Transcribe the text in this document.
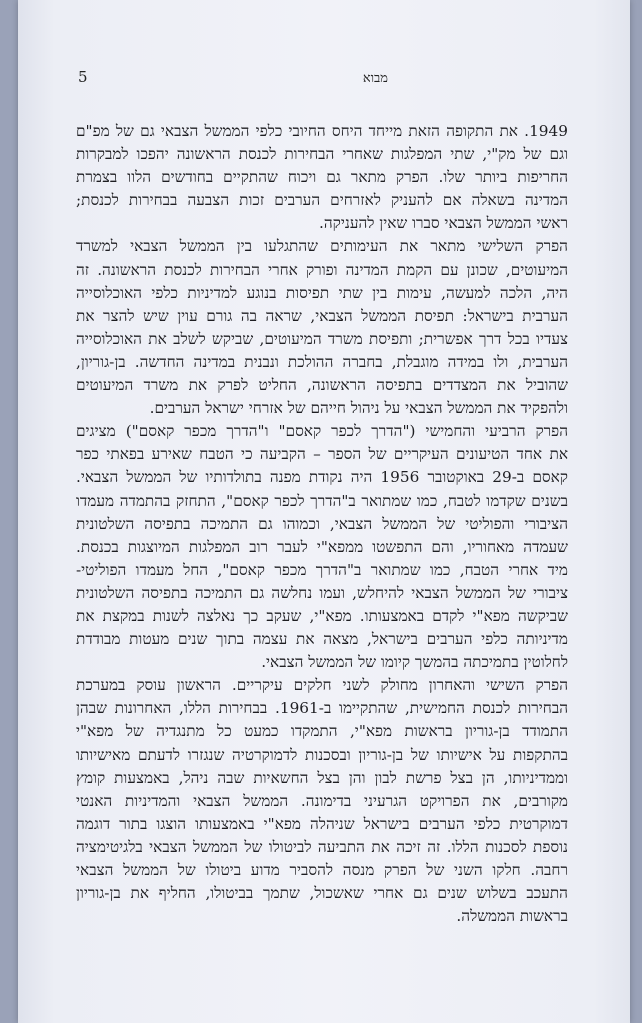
5	מבוא

1949. את התקופה הזאת מייחד היחס החיובי כלפי הממשל הצבאי גם של מפ"ם
וגם של מק"י, שתי המפלגות שאחרי הבחירות לכנסת הראשונה יהפכו למבקרות
החריפות ביותר שלו. הפרק מתאר גם ויכוח שהתקיים בחודשים הלוו בצמרת
המדינה בשאלה אם להעניק לאזרחים הערבים זכות הצבעה בבחירות לכנסת;
ראשי הממשל הצבאי סברו שאין להעניקה.

הפרק השלישי מתאר את העימותים שהתגלעו בין הממשל הצבאי למשרד
המיעוטים, שכונן עם הקמת המדינה ופורק אחרי הבחירות לכנסת הראשונה. זה
היה, הלכה למעשה, עימות בין שתי תפיסות בנוגע למדיניות כלפי האוכלוסייה
הערבית בישראל: תפיסת הממשל הצבאי, שראה בה גורם עוין שיש להצר את
צעדיו בכל דרך אפשרית; ותפיסת משרד המיעוטים, שביקש לשלב את האוכלוסייה
הערבית, ולו במידה מוגבלת, בחברה ההולכת ונבנית במדינה החדשה. בן-גוריון,
שהוביל את המצדדים בתפיסה הראשונה, החליט לפרק את משרד המיעוטים
ולהפקיד את הממשל הצבאי על ניהול חייהם של אזרחי ישראל הערבים.

הפרק הרביעי והחמישי ("הדרך לכפר קאסם" ו"הדרך מכפר קאסם") מציגים
את אחד הטיעונים העיקריים של הספר – הקביעה כי הטבח שאירע בפאתי כפר
קאסם ב-29 באוקטובר 1956 היה נקודת מפנה בתולדותיו של הממשל הצבאי.
בשנים שקדמו לטבח, כמו שמתואר ב"הדרך לכפר קאסם", התחזק בהתמדה מעמדו
הציבורי והפוליטי של הממשל הצבאי, וכמוהו גם התמיכה בתפיסה השלטונית
שעמדה מאחוריו, והם התפשטו ממפא"י לעבר רוב המפלגות המיוצגות בכנסת.
מיד אחרי הטבח, כמו שמתואר ב"הדרך מכפר קאסם", החל מעמדו הפוליטי-
ציבורי של הממשל הצבאי להיחלש, ועמו נחלשה גם התמיכה בתפיסה השלטונית
שביקשה מפא"י לקדם באמצעותו. מפא"י, שעקב כך נאלצה לשנות במקצת את
מדיניותה כלפי הערבים בישראל, מצאה את עצמה בתוך שנים מעטות מבודדת
לחלוטין בתמיכתה בהמשך קיומו של הממשל הצבאי.

הפרק השישי והאחרון מחולק לשני חלקים עיקריים. הראשון עוסק במערכת
הבחירות לכנסת החמישית, שהתקיימו ב-1961. בבחירות הללו, האחרונות שבהן
התמודד בן-גוריון בראשות מפא"י, התמקדו כמעט כל מתנגדיה של מפא"י
בהתקפות על אישיותו של בן-גוריון ובסכנות לדמוקרטיה שנגזרו לדעתם מאישיותו
וממדיניותו, הן בצל פרשת לבון והן בצל החשאיות שבה ניהל, באמצעות קומץ
מקורבים, את הפרויקט הגרעיני בדימונה. הממשל הצבאי והמדיניות האנטי
דמוקרטית כלפי הערבים בישראל שניהלה מפא"י באמצעותו הוצגו בתור דוגמה
נוספת לסכנות הללו. זה זיכה את התביעה לביטולו של הממשל הצבאי בלגיטימציה
רחבה. חלקו השני של הפרק מנסה להסביר מדוע ביטולו של הממשל הצבאי
התעכב בשלוש שנים גם אחרי שאשכול, שתמך בביטולו, החליף את בן-גוריון
בראשות הממשלה.
